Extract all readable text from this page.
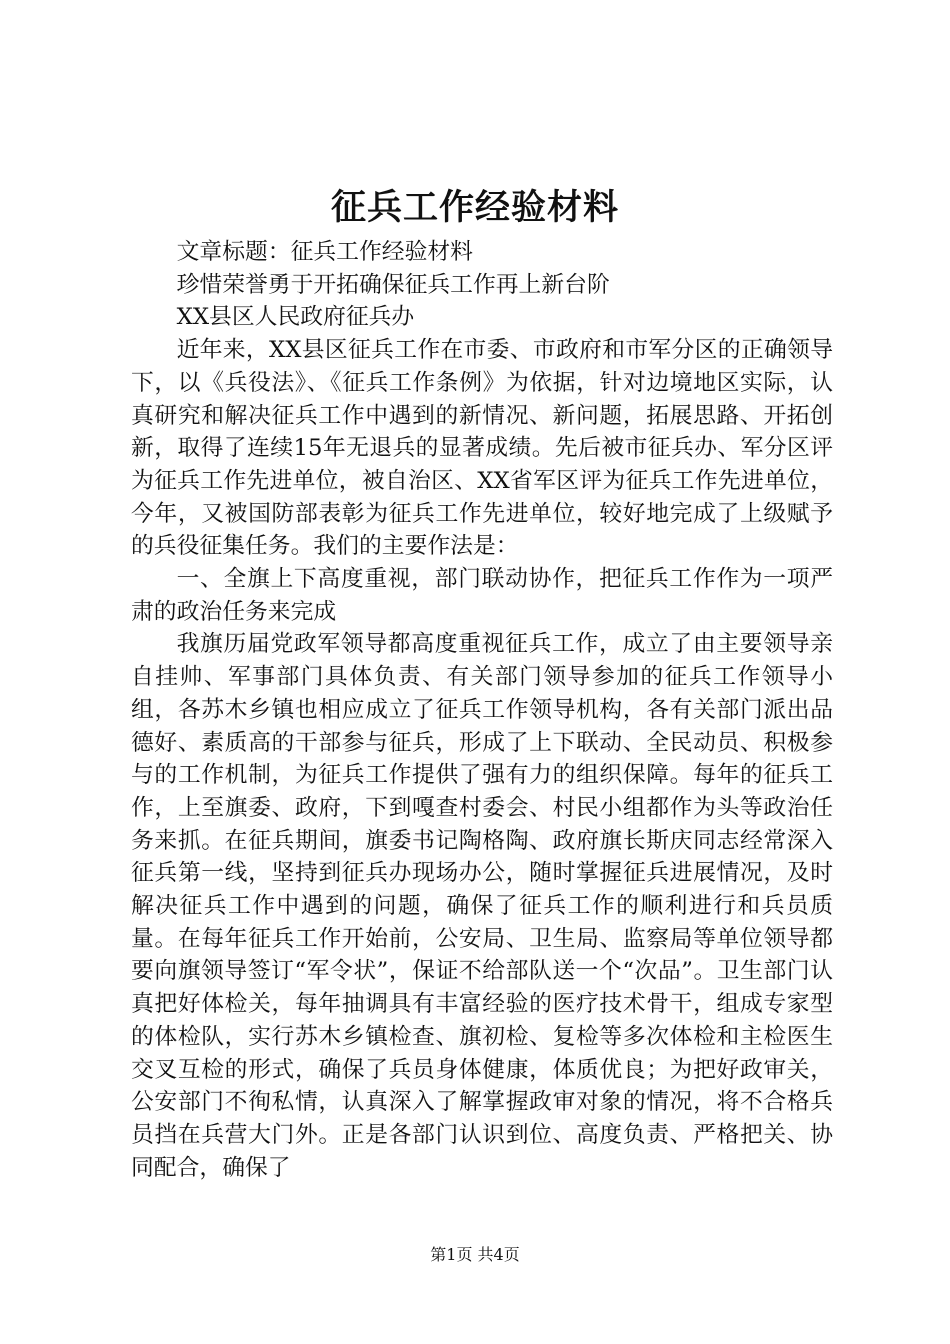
征兵工作经验材料

文章标题：征兵工作经验材料

珍惜荣誉勇于开拓确保征兵工作再上新台阶

XX县区人民政府征兵办

近年来，XX县区征兵工作在市委、市政府和市军分区的正确领导下，以《兵役法》、《征兵工作条例》为依据，针对边境地区实际，认真研究和解决征兵工作中遇到的新情况、新问题，拓展思路、开拓创新，取得了连续15年无退兵的显著成绩。先后被市征兵办、军分区评为征兵工作先进单位，被自治区、XX省军区评为征兵工作先进单位，今年，又被国防部表彰为征兵工作先进单位，较好地完成了上级赋予的兵役征集任务。我们的主要作法是：

一、全旗上下高度重视，部门联动协作，把征兵工作作为一项严肃的政治任务来完成

我旗历届党政军领导都高度重视征兵工作，成立了由主要领导亲自挂帅、军事部门具体负责、有关部门领导参加的征兵工作领导小组，各苏木乡镇也相应成立了征兵工作领导机构，各有关部门派出品德好、素质高的干部参与征兵，形成了上下联动、全民动员、积极参与的工作机制，为征兵工作提供了强有力的组织保障。每年的征兵工作，上至旗委、政府，下到嘎查村委会、村民小组都作为头等政治任务来抓。在征兵期间，旗委书记陶格陶、政府旗长斯庆同志经常深入征兵第一线，坚持到征兵办现场办公，随时掌握征兵进展情况，及时解决征兵工作中遇到的问题，确保了征兵工作的顺利进行和兵员质量。在每年征兵工作开始前，公安局、卫生局、监察局等单位领导都要向旗领导签订“军令状”，保证不给部队送一个“次品”。卫生部门认真把好体检关，每年抽调具有丰富经验的医疗技术骨干，组成专家型的体检队，实行苏木乡镇检查、旗初检、复检等多次体检和主检医生交叉互检的形式，确保了兵员身体健康，体质优良；为把好政审关，公安部门不徇私情，认真深入了解掌握政审对象的情况，将不合格兵员挡在兵营大门外。正是各部门认识到位、高度负责、严格把关、协同配合，确保了

第1页 共4页
